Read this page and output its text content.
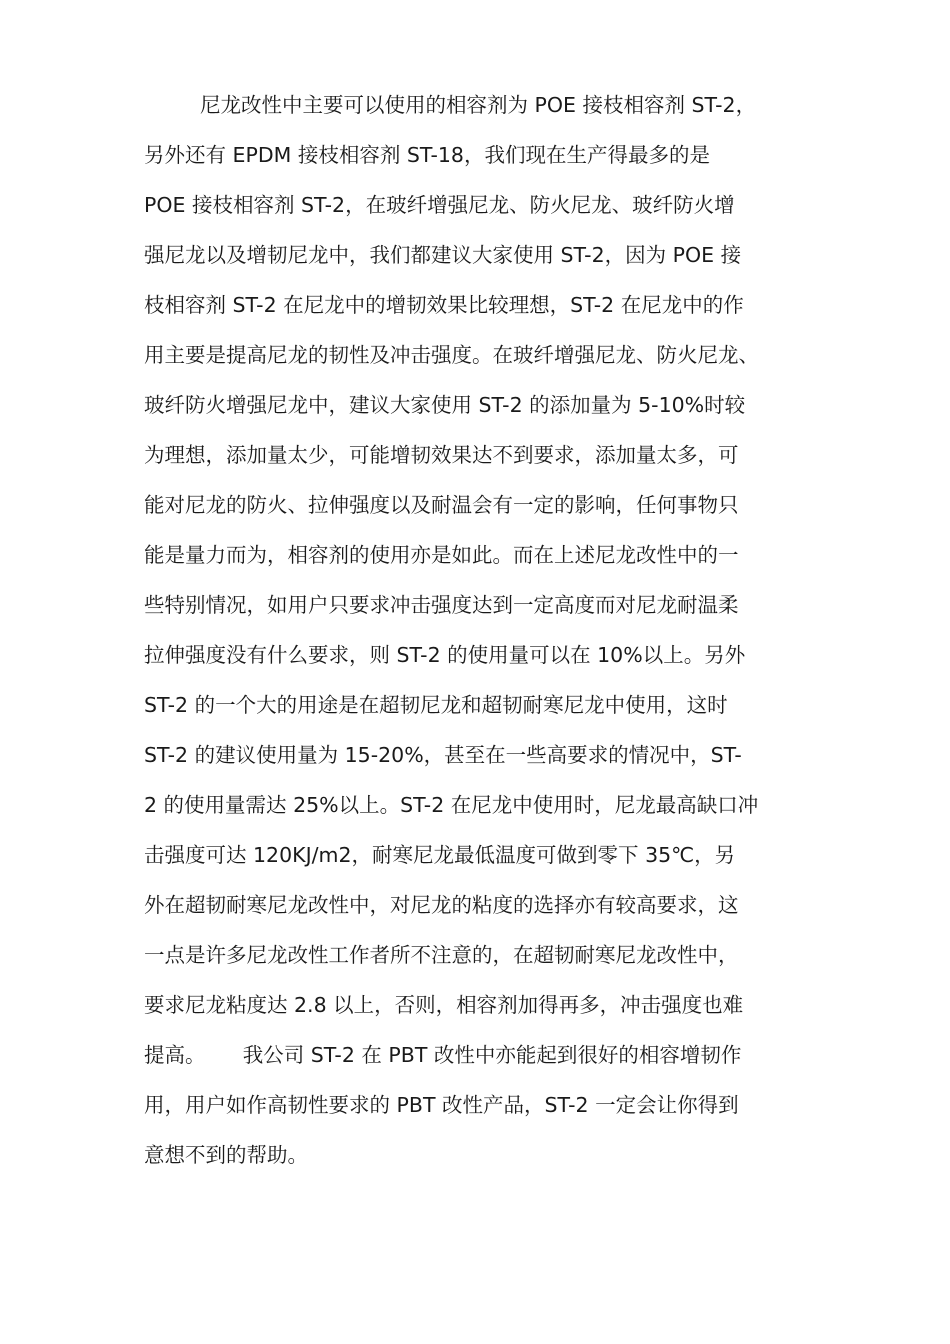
尼龙改性中主要可以使用的相容剂为 POE 接枝相容剂 ST-2，
另外还有 EPDM 接枝相容剂 ST-18，我们现在生产得最多的是
POE 接枝相容剂 ST-2，在玻纤增强尼龙、防火尼龙、玻纤防火增
强尼龙以及增韧尼龙中，我们都建议大家使用 ST-2，因为 POE 接
枝相容剂 ST-2 在尼龙中的增韧效果比较理想，ST-2 在尼龙中的作
用主要是提高尼龙的韧性及冲击强度。在玻纤增强尼龙、防火尼龙、
玻纤防火增强尼龙中，建议大家使用 ST-2 的添加量为 5-10%时较
为理想，添加量太少，可能增韧效果达不到要求，添加量太多，可
能对尼龙的防火、拉伸强度以及耐温会有一定的影响，任何事物只
能是量力而为，相容剂的使用亦是如此。而在上述尼龙改性中的一
些特别情况，如用户只要求冲击强度达到一定高度而对尼龙耐温柔
拉伸强度没有什么要求，则 ST-2 的使用量可以在 10%以上。另外
ST-2 的一个大的用途是在超韧尼龙和超韧耐寒尼龙中使用，这时
ST-2 的建议使用量为 15-20%，甚至在一些高要求的情况中，ST-
2 的使用量需达 25%以上。ST-2 在尼龙中使用时，尼龙最高缺口冲
击强度可达 120KJ/m2，耐寒尼龙最低温度可做到零下 35℃，另
外在超韧耐寒尼龙改性中，对尼龙的粘度的选择亦有较高要求，这
一点是许多尼龙改性工作者所不注意的，在超韧耐寒尼龙改性中，
要求尼龙粘度达 2.8 以上，否则，相容剂加得再多，冲击强度也难
提高。　　 我公司 ST-2 在 PBT 改性中亦能起到很好的相容增韧作
用，用户如作高韧性要求的 PBT 改性产品，ST-2 一定会让你得到
意想不到的帮助。
